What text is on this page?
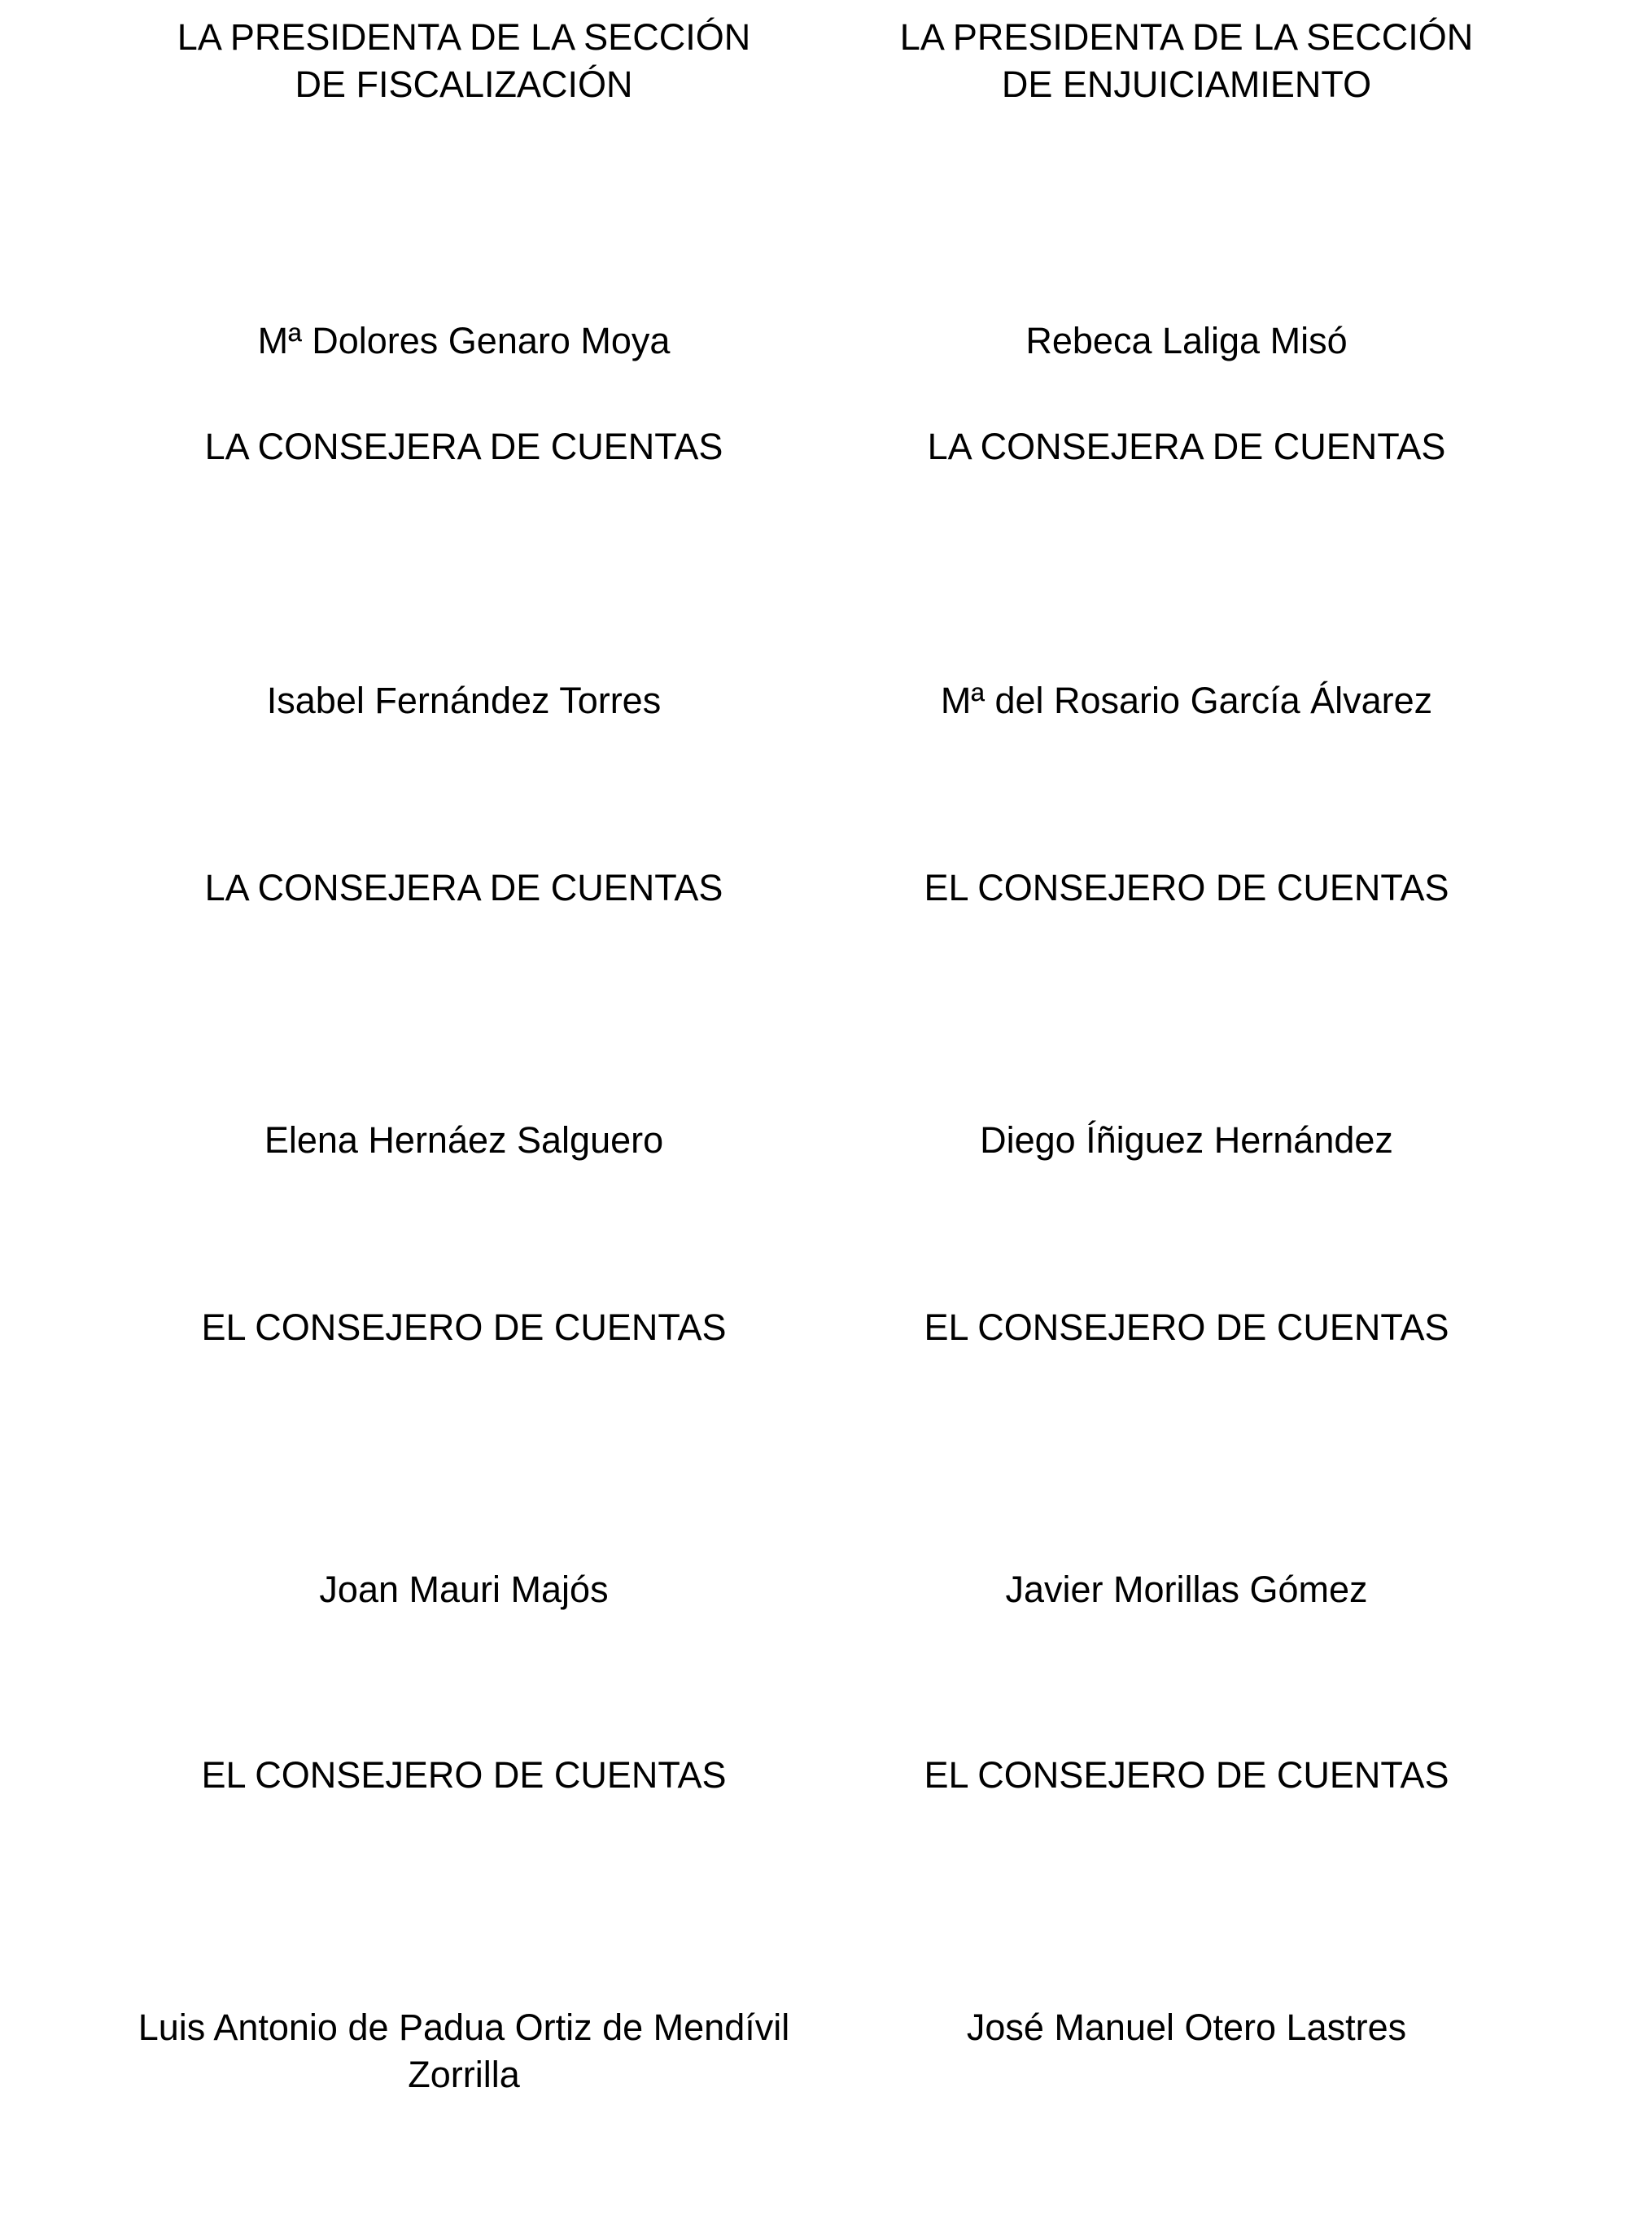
LA PRESIDENTA DE LA SECCIÓN
DE FISCALIZACIÓN
Mª Dolores Genaro Moya
LA CONSEJERA DE CUENTAS
Isabel Fernández Torres
LA CONSEJERA DE CUENTAS
Elena Hernáez Salguero
EL CONSEJERO DE CUENTAS
Joan Mauri Majós
EL CONSEJERO DE CUENTAS
Luis Antonio de Padua Ortiz de Mendívil Zorrilla
LA PRESIDENTA DE LA SECCIÓN
DE ENJUICIAMIENTO
Rebeca Laliga Misó
LA CONSEJERA DE CUENTAS
Mª del Rosario García Álvarez
EL CONSEJERO DE CUENTAS
Diego Íñiguez Hernández
EL CONSEJERO DE CUENTAS
Javier Morillas Gómez
EL CONSEJERO DE CUENTAS
José Manuel Otero Lastres
